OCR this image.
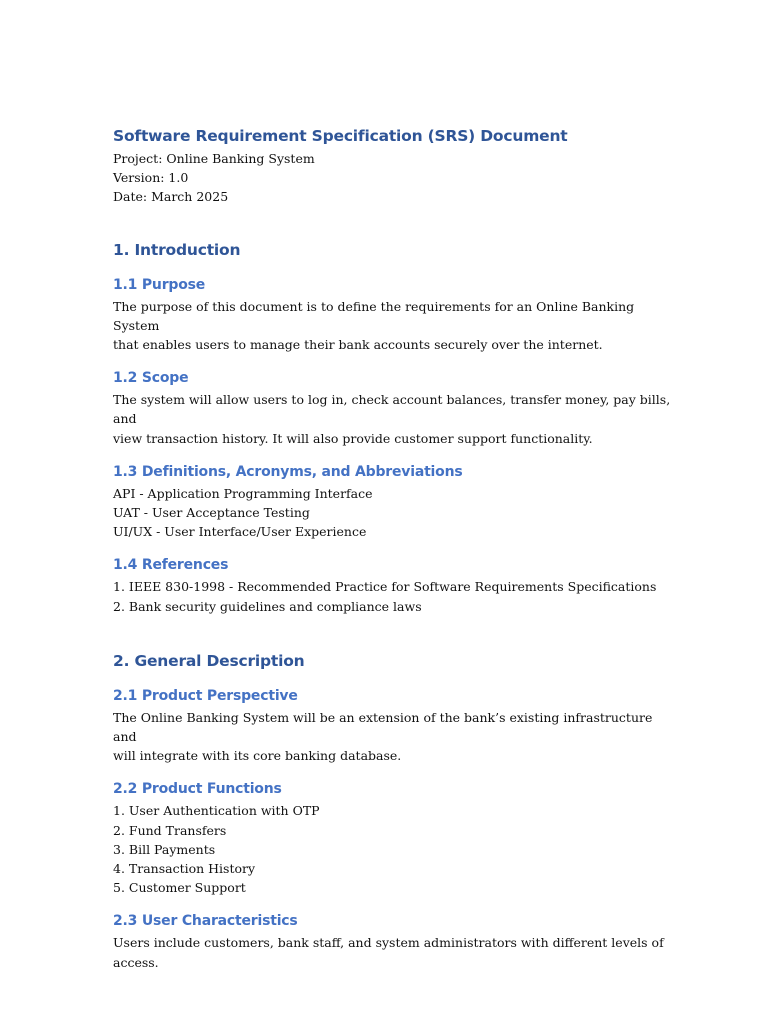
Software Requirement Specification (SRS) Document

Project: Online Banking System

Version: 1.0

Date: March 2025

1. Introduction
1.1 Purpose

The purpose of this document is to define the requirements for an Online Banking System

that enables users to manage their bank accounts securely over the internet.

1.2 Scope

The system will allow users to log in, check account balances, transfer money, pay bills, and

view transaction history. It will also provide customer support functionality.

1.3 Definitions, Acronyms, and Abbreviations

API - Application Programming Interface

UAT - User Acceptance Testing

UI/UX - User Interface/User Experience

1.4 References

1. IEEE 830-1998 - Recommended Practice for Software Requirements Specifications

2. Bank security guidelines and compliance laws

2. General Description
2.1 Product Perspective

The Online Banking System will be an extension of the bank’s existing infrastructure and

will integrate with its core banking database.

2.2 Product Functions

1. User Authentication with OTP

2. Fund Transfers

3. Bill Payments

4. Transaction History

5. Customer Support

2.3 User Characteristics

Users include customers, bank staff, and system administrators with different levels of

access.
